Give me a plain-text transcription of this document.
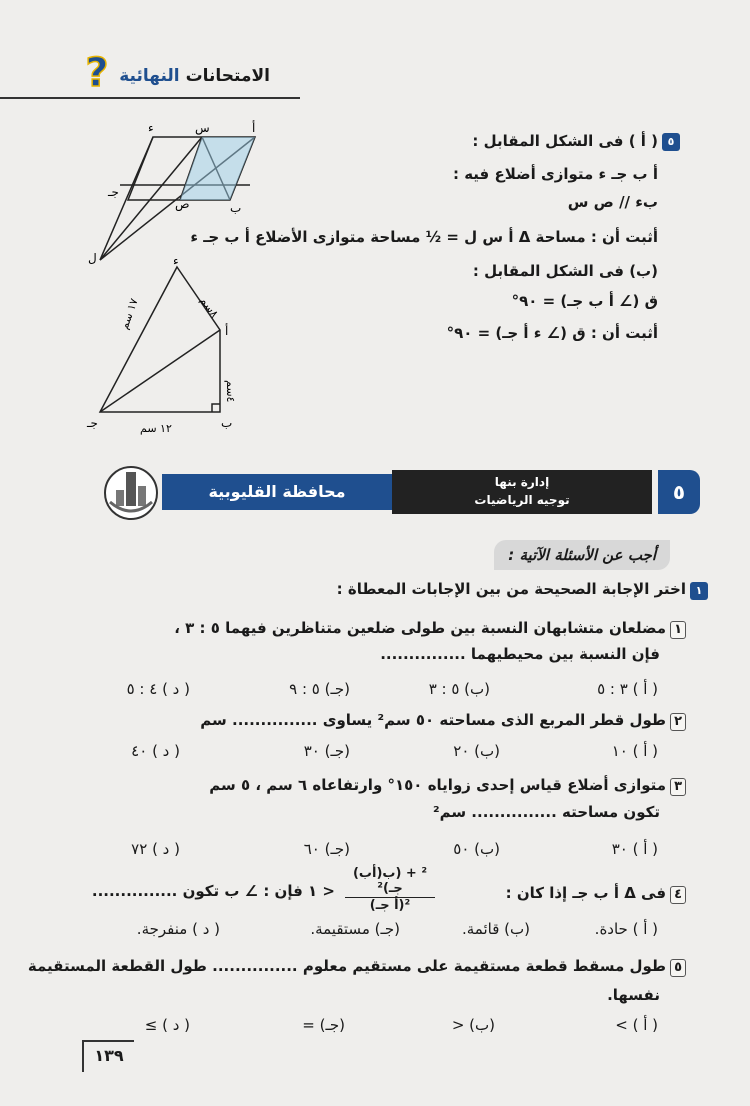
الامتحانات النهائية
?
٥
( أ ) فى الشكل المقابل :
أ ب جـ ء متوازى أضلاع فيه :
بء // ص س
أثبت أن : مساحة Δ أ س ل = ½ مساحة متوازى الأضلاع أ ب جـ ء
(ب) فى الشكل المقابل :
ق (∠ أ ب جـ) = ٩٠°
أثبت أن : ق (∠ ء أ جـ) = ٩٠°
ء	س	أ
جـ
ص	ب
ل	ء
أ
ب
جـ
٨سم
١٧ سم
٤سم
١٢ سم
٥
إدارة بنها
توجيه الرياضيات
محافظة القليوبية
أجب عن الأسئلة الآتية :
١
اختر الإجابة الصحيحة من بين الإجابات المعطاة :
١مضلعان متشابهان النسبة بين طولى ضلعين متناظرين فيهما ٥ : ٣ ،
فإن النسبة بين محيطيهما ...............
( أ ) ٣ : ٥
(ب) ٥ : ٣
(جـ) ٥ : ٩
( د ) ٤ : ٥
٢طول قطر المربع الذى مساحته ٥٠ سم² يساوى ............... سم
( أ ) ١٠
(ب) ٢٠
(جـ) ٣٠
( د ) ٤٠
٣متوازى أضلاع قياس إحدى زواياه ١٥٠° وارتفاعاه ٦ سم ، ٥ سم
تكون مساحته ............... سم²
( أ ) ٣٠
(ب) ٥٠
(جـ) ٦٠
( د ) ٧٢
٤فى Δ أ ب جـ إذا كان :
(أب)² + (ب جـ)²
(أ جـ)²
< ١ فإن : ∠ ب تكون ...............
( أ ) حادة.
(ب) قائمة.
(جـ) مستقيمة.
( د ) منفرجة.
٥طول مسقط قطعة مستقيمة على مستقيم معلوم ............... طول القطعة المستقيمة
نفسها.
( أ ) >
(ب) <
(جـ) =
( د ) ≥
١٣٩
